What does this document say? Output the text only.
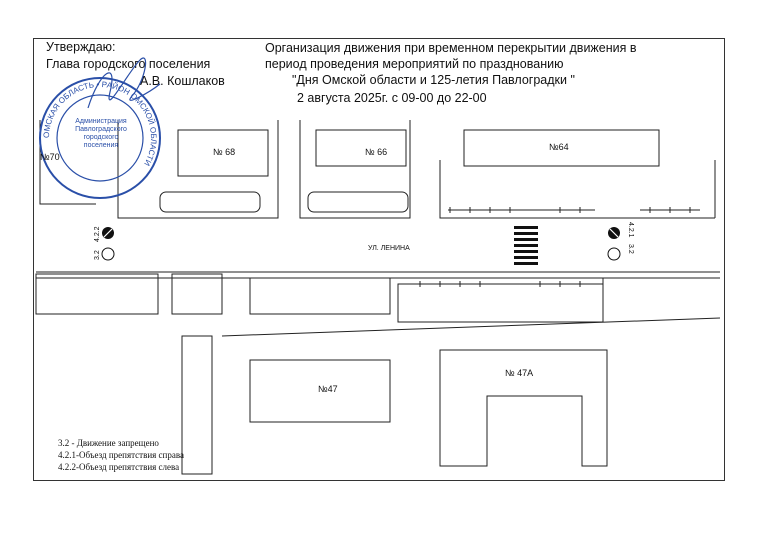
Утверждаю:
Глава городского поселения
А.В. Кошлаков
Организация движения при временном перекрытии движения в
период проведения мероприятий по празднованию
"Дня Омской области и 125-летия Павлоградки "
2 августа 2025г. с 09-00 до 22-00
ОМСКАЯ ОБЛАСТЬ • РАЙОН ОМСКОЙ ОБЛАСТИ
4.2.2
3.2
4.2.1
3.2
Администрация Павлоградского городского поселения
№ 68	№ 66	№64
№70
№47
№ 47А
УЛ. ЛЕНИНА
3.2 - Движение запрещено
4.2.1-Объезд препятствия справа
4.2.2-Объезд препятствия слева
